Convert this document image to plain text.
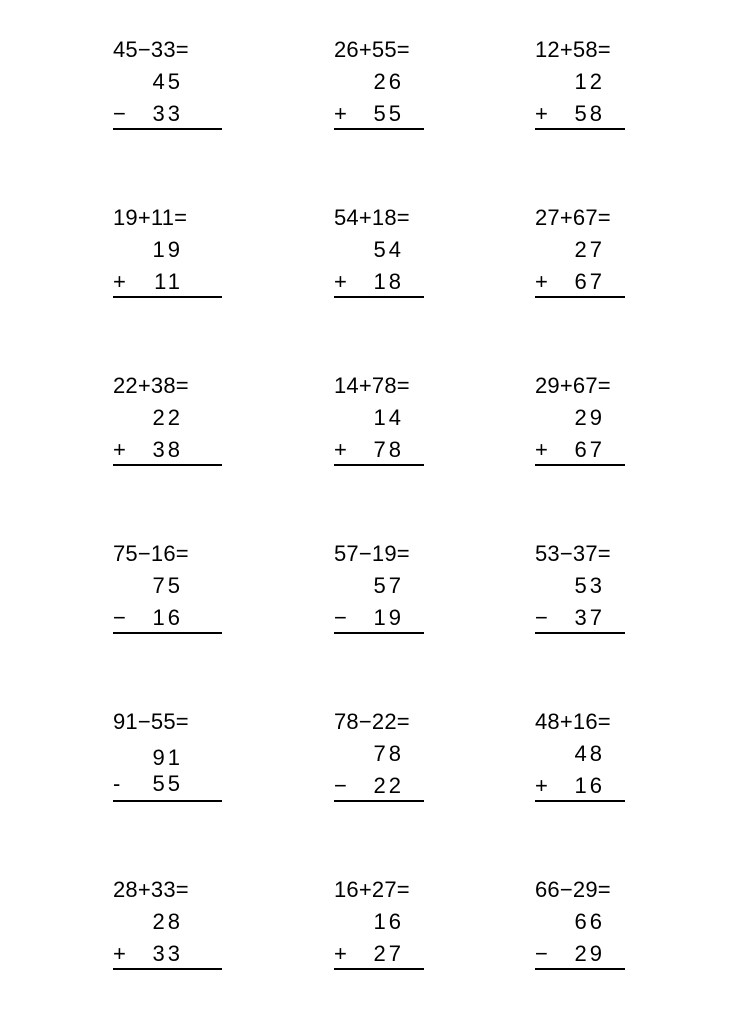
45−33=
45
−	33
26+55=
26
+	55
12+58=
12
+	58
19+11=
19
+	11
54+18=
54
+	18
27+67=
27
+	67
22+38=
22
+	38
14+78=
14
+	78
29+67=
29
+	67
75−16=
75
−	16
57−19=
57
−	19
53−37=
53
−	37
91−55=
91
-	55
78−22=
78
−	22
48+16=
48
+	16
28+33=
28
+	33
16+27=
16
+	27
66−29=
66
−	29
